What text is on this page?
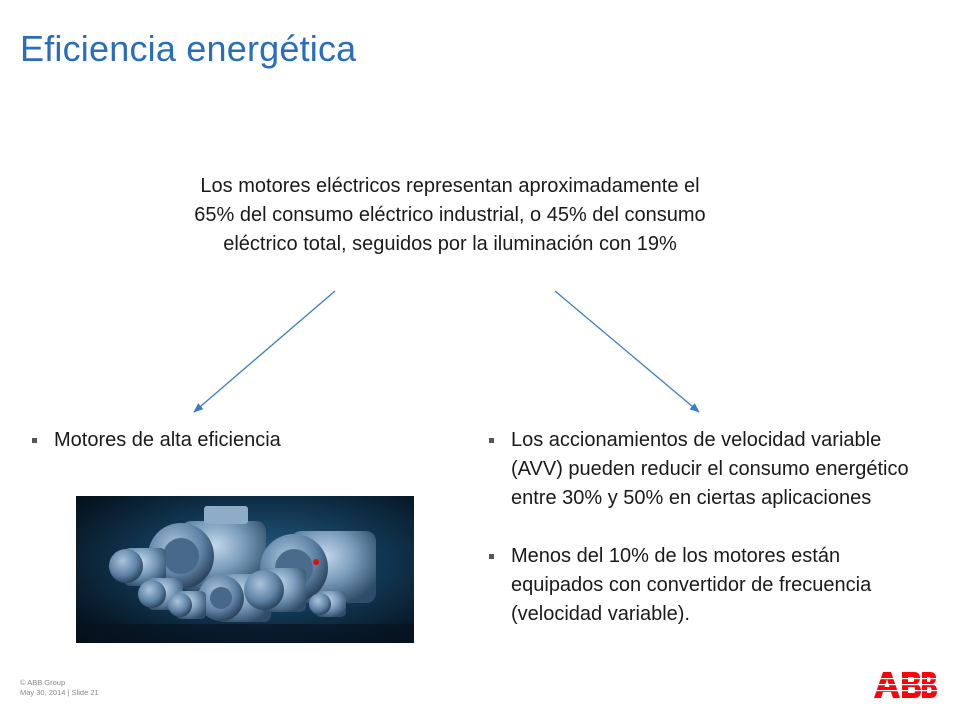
Eficiencia energética
Los motores eléctricos representan aproximadamente el 65% del consumo eléctrico industrial, o 45% del consumo eléctrico total, seguidos por la iluminación con 19%
Motores de alta eficiencia	Los accionamientos de velocidad variable (AVV) pueden reducir el consumo energético entre 30% y 50% en ciertas aplicaciones
Menos del 10% de los motores están equipados con convertidor de frecuencia (velocidad variable).
© ABB Group
May 30, 2014 | Slide 21
